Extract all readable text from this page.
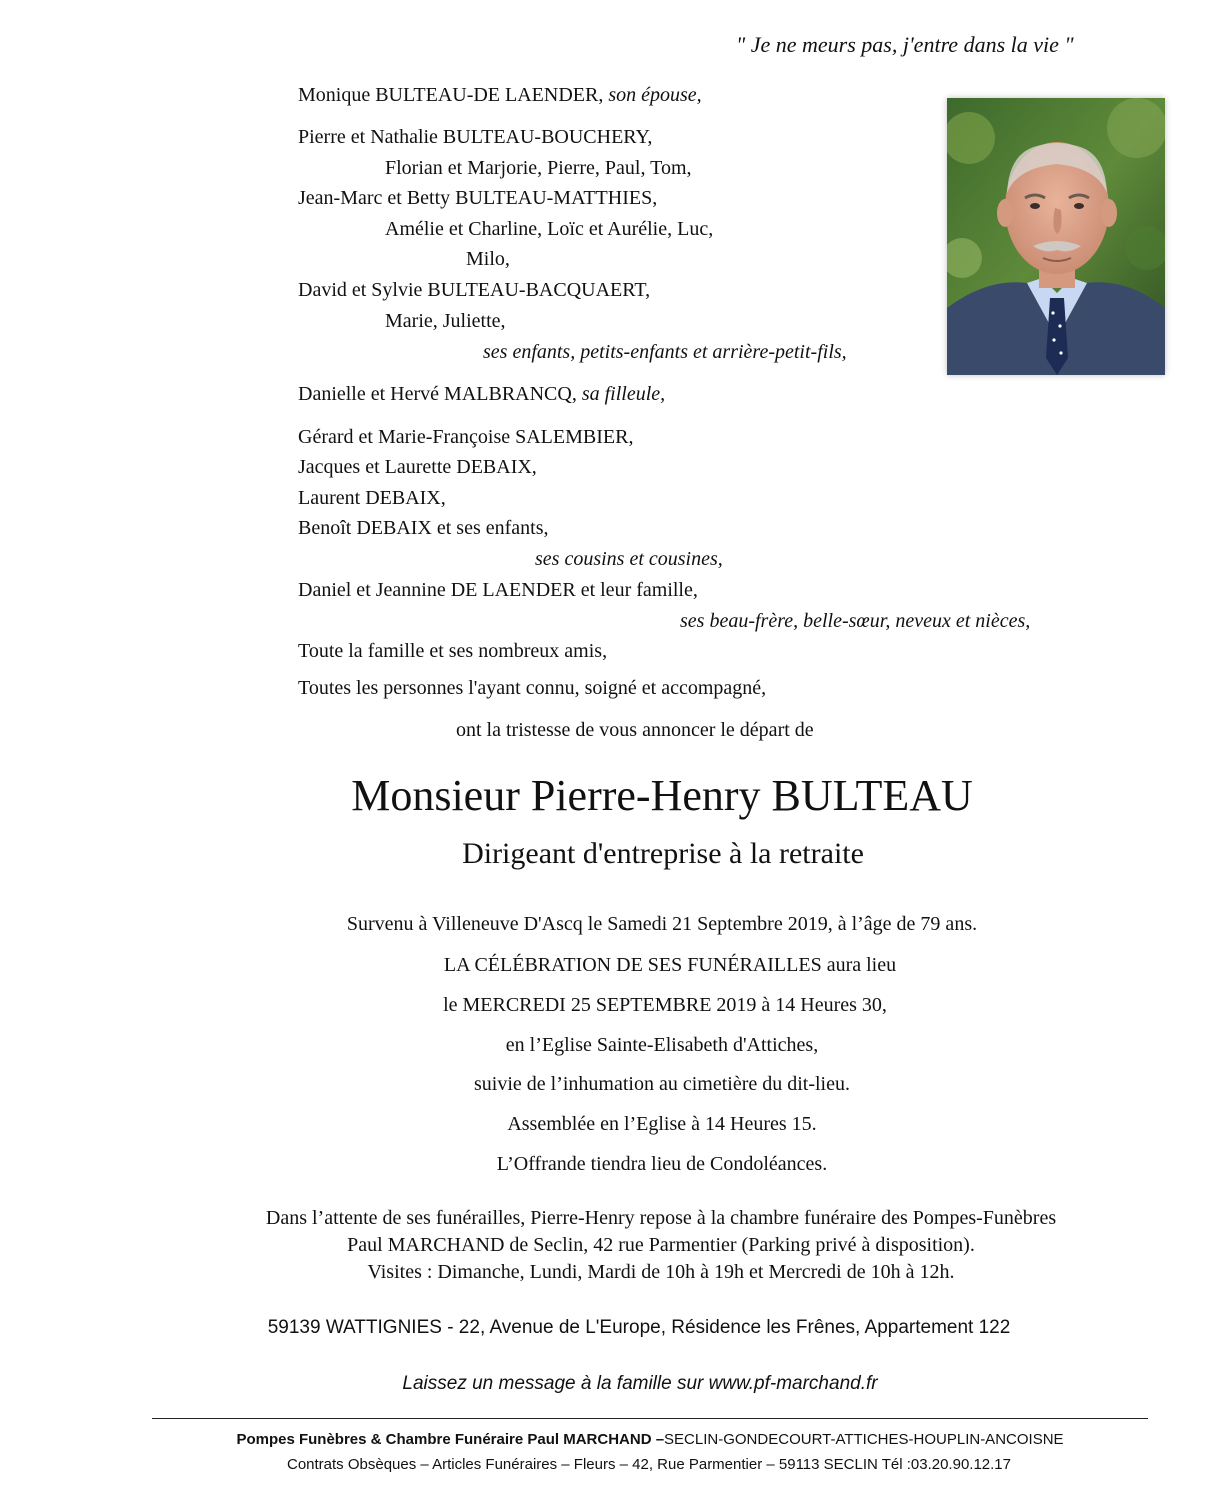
" Je ne meurs pas, j'entre dans la vie "
Monique BULTEAU-DE LAENDER, son épouse,
Pierre et Nathalie BULTEAU-BOUCHERY,
Florian et Marjorie, Pierre, Paul, Tom,
Jean-Marc et Betty BULTEAU-MATTHIES,
Amélie et Charline, Loïc et Aurélie, Luc,
Milo,
David et Sylvie BULTEAU-BACQUAERT,
Marie, Juliette,
ses enfants, petits-enfants et arrière-petit-fils,
Danielle et Hervé MALBRANCQ, sa filleule,
Gérard et Marie-Françoise SALEMBIER,
Jacques et Laurette DEBAIX,
Laurent DEBAIX,
Benoît DEBAIX et ses enfants,
ses cousins et cousines,
Daniel et Jeannine DE LAENDER et leur famille,
ses beau-frère, belle-sœur, neveux et nièces,
Toute la famille et ses nombreux amis,
Toutes les personnes l'ayant connu, soigné et accompagné,
ont la tristesse de vous annoncer le départ de
Monsieur Pierre-Henry BULTEAU
Dirigeant d'entreprise à la retraite
Survenu à Villeneuve D'Ascq le Samedi 21 Septembre 2019, à l’âge de 79 ans.
LA CÉLÉBRATION DE SES FUNÉRAILLES aura lieu
le MERCREDI 25 SEPTEMBRE 2019 à 14 Heures 30,
en l’Eglise Sainte-Elisabeth d'Attiches,
suivie de l’inhumation au cimetière du dit-lieu.
Assemblée en l’Eglise à 14 Heures 15.
L’Offrande tiendra lieu de Condoléances.
Dans l’attente de ses funérailles, Pierre-Henry repose à la chambre funéraire des Pompes-Funèbres
Paul MARCHAND de Seclin, 42 rue Parmentier (Parking privé à disposition).
Visites : Dimanche, Lundi, Mardi de 10h à 19h et Mercredi de 10h à 12h.
59139 WATTIGNIES - 22, Avenue de L'Europe, Résidence les Frênes, Appartement 122
Laissez un message à la famille sur www.pf-marchand.fr
Pompes Funèbres & Chambre Funéraire Paul MARCHAND –SECLIN-GONDECOURT-ATTICHES-HOUPLIN-ANCOISNE
Contrats Obsèques – Articles Funéraires – Fleurs – 42, Rue Parmentier – 59113 SECLIN Tél :03.20.90.12.17
